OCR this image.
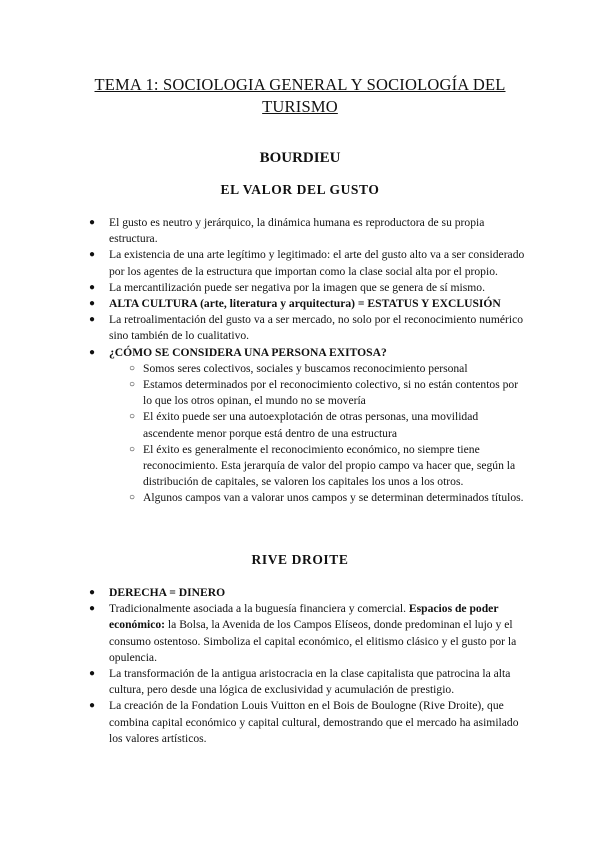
TEMA 1: SOCIOLOGIA GENERAL Y SOCIOLOGÍA DEL TURISMO
BOURDIEU
EL VALOR DEL GUSTO
● El gusto es neutro y jerárquico, la dinámica humana es reproductora de su propia estructura.
● La existencia de una arte legítimo y legitimado: el arte del gusto alto va a ser considerado por los agentes de la estructura que importan como la clase social alta por el propio.
● La mercantilización puede ser negativa por la imagen que se genera de sí mismo.
● ALTA CULTURA (arte, literatura y arquitectura) = ESTATUS Y EXCLUSIÓN
● La retroalimentación del gusto va a ser mercado, no solo por el reconocimiento numérico sino también de lo cualitativo.
● ¿CÓMO SE CONSIDERA UNA PERSONA EXITOSA?
○ Somos seres colectivos, sociales y buscamos reconocimiento personal
○ Estamos determinados por el reconocimiento colectivo, si no están contentos por lo que los otros opinan, el mundo no se movería
○ El éxito puede ser una autoexplotación de otras personas, una movilidad ascendente menor porque está dentro de una estructura
○ El éxito es generalmente el reconocimiento económico, no siempre tiene reconocimiento. Esta jerarquía de valor del propio campo va hacer que, según la distribución de capitales, se valoren los capitales los unos a los otros.
○ Algunos campos van a valorar unos campos y se determinan determinados títulos.
RIVE DROITE
● DERECHA = DINERO
● Tradicionalmente asociada a la buguesía financiera y comercial. Espacios de poder económico: la Bolsa, la Avenida de los Campos Elíseos, donde predominan el lujo y el consumo ostentoso. Simboliza el capital económico, el elitismo clásico y el gusto por la opulencia.
● La transformación de la antigua aristocracia en la clase capitalista que patrocina la alta cultura, pero desde una lógica de exclusividad y acumulación de prestigio.
● La creación de la Fondation Louis Vuitton en el Bois de Boulogne (Rive Droite), que combina capital económico y capital cultural, demostrando que el mercado ha asimilado los valores artísticos.
